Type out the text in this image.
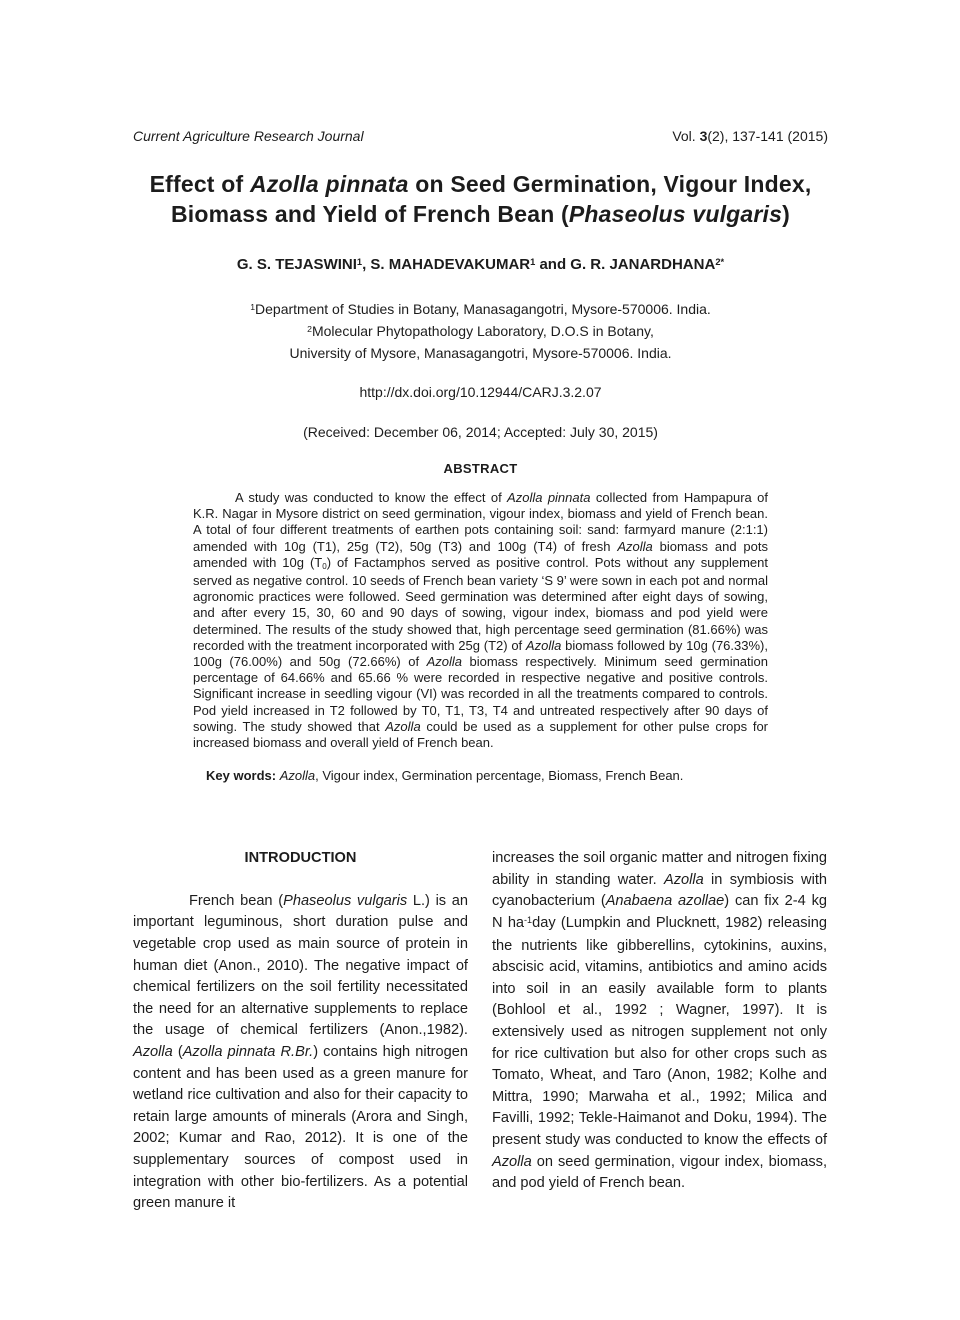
Current Agriculture Research Journal	Vol. 3(2), 137-141 (2015)
Effect of Azolla pinnata on Seed Germination, Vigour Index,
Biomass and Yield of French Bean (Phaseolus vulgaris)
G. S. TEJASWINI$^1$, S. MAHADEVAKUMAR$^1$ and G. R. $JANARDHANA^{2*}$
$^1$Department of Studies in Botany, Manasagangotri, Mysore-570006. India.
$^2$Molecular Phytopathology Laboratory, D.O.S in Botany,
University of Mysore, Manasagangotri, Mysore-570006. India.
http://dx.doi.org/10.12944/CARJ.3.2.07
(Received: December 06, 2014; Accepted: July 30, 2015)
ABSTRACT

A study was conducted to know the effect of Azolla pinnata collected from Hampapura of K.R. Nagar in Mysore district on seed germination, vigour index, biomass and yield of French bean. A total of four different treatments of earthen pots containing soil: sand: farmyard manure (2:1:1) amended with 10g (T1), 25g (T2), 50g (T3) and 100g (T4) of fresh Azolla biomass and pots amended with 10g (T0) of Factamphos served as positive control. Pots without any supplement served as negative control. 10 seeds of French bean variety ‘S 9’ were sown in each pot and normal agronomic practices were followed. Seed germination was determined after eight days of sowing, and after every 15, 30, 60 and 90 days of sowing, vigour index, biomass and pod yield were determined. The results of the study showed that, high percentage seed germination (81.66%) was recorded with the treatment incorporated with 25g (T2) of Azolla biomass followed by 10g (76.33%), 100g (76.00%) and 50g (72.66%) of Azolla biomass respectively. Minimum seed germination percentage of 64.66% and 65.66 % were recorded in respective negative and positive controls. Significant increase in seedling vigour (VI) was recorded in all the treatments compared to controls. Pod yield increased in T2 followed by T0, T1, T3, T4 and untreated respectively after 90 days of sowing. The study showed that Azolla could be used as a supplement for other pulse crops for increased biomass and overall yield of French bean.

Key words: Azolla, Vigour index, Germination percentage, Biomass, French Bean.
INTRODUCTION

French bean (Phaseolus vulgaris L.) is an important leguminous, short duration pulse and vegetable crop used as main source of protein in human diet (Anon., 2010). The negative impact of chemical fertilizers on the soil fertility necessitated the need for an alternative supplements to replace the usage of chemical fertilizers (Anon.,1982). Azolla (Azolla pinnata R.Br.) contains high nitrogen content and has been used as a green manure for wetland rice cultivation and also for their capacity to retain large amounts of minerals (Arora and Singh, 2002; Kumar and Rao, 2012). It is one of the supplementary sources of compost used in integration with other bio-fertilizers. As a potential green manure it

increases the soil organic matter and nitrogen fixing ability in standing water. Azolla in symbiosis with cyanobacterium (Anabaena azollae) can fix 2-4 kg N $ha^{-1}day$ (Lumpkin and Plucknett, 1982) releasing the nutrients like gibberellins, cytokinins, auxins, abscisic acid, vitamins, antibiotics and amino acids into soil in an easily available form to plants (Bohlool et al., 1992 ; Wagner, 1997). It is extensively used as nitrogen supplement not only for rice cultivation but also for other crops such as Tomato, Wheat, and Taro (Anon, 1982; Kolhe and Mittra, 1990; Marwaha et al., 1992; Milica and Favilli, 1992; Tekle-Haimanot and Doku, 1994). The present study was conducted to know the effects of Azolla on seed germination, vigour index, biomass, and pod yield of French bean.
